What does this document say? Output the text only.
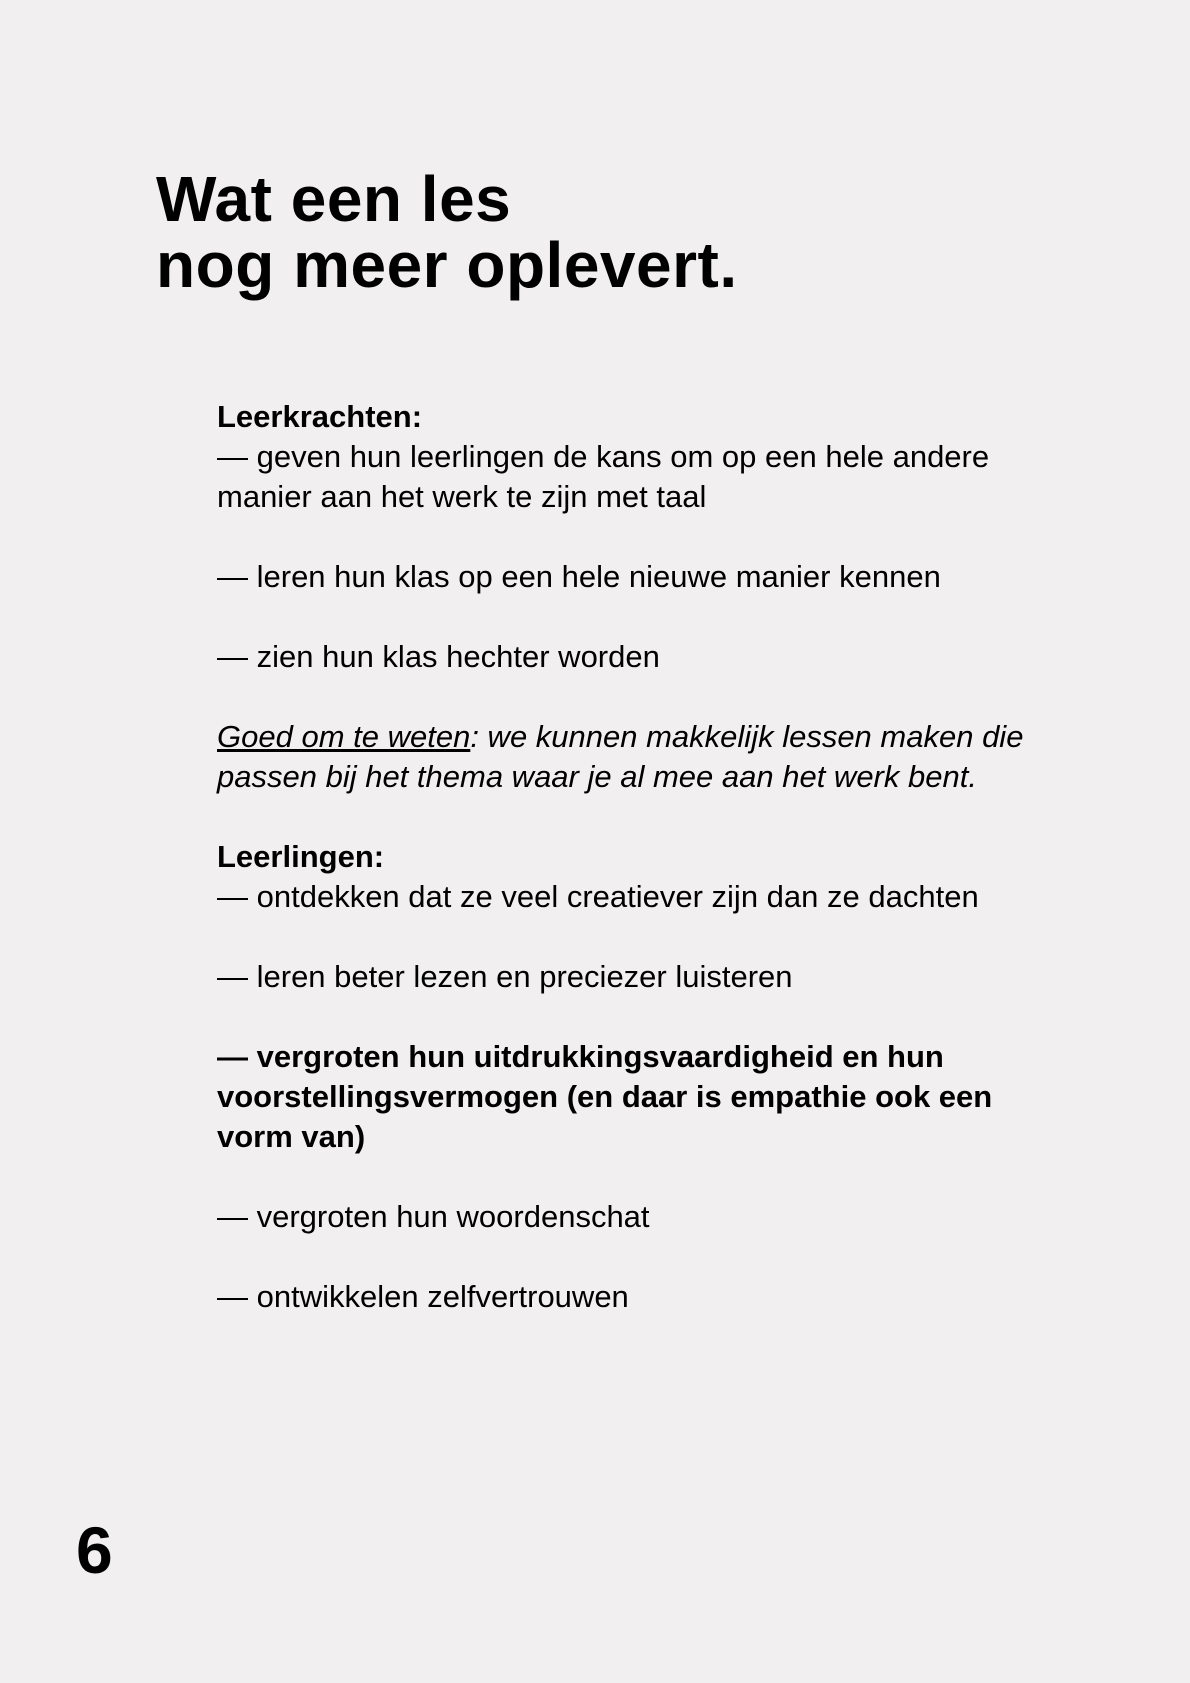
Wat een les
nog meer oplevert.
Leerkrachten:
— geven hun leerlingen de kans om op een hele andere manier aan het werk te zijn met taal
— leren hun klas op een hele nieuwe manier kennen
— zien hun klas hechter worden
Goed om te weten: we kunnen makkelijk lessen maken die passen bij het thema waar je al mee aan het werk bent.
Leerlingen:
— ontdekken dat ze veel creatiever zijn dan ze dachten
— leren beter lezen en preciezer luisteren
— vergroten hun uitdrukkingsvaardigheid en hun voorstellingsvermogen (en daar is empathie ook een vorm van)
— vergroten hun woordenschat
— ontwikkelen zelfvertrouwen
6
